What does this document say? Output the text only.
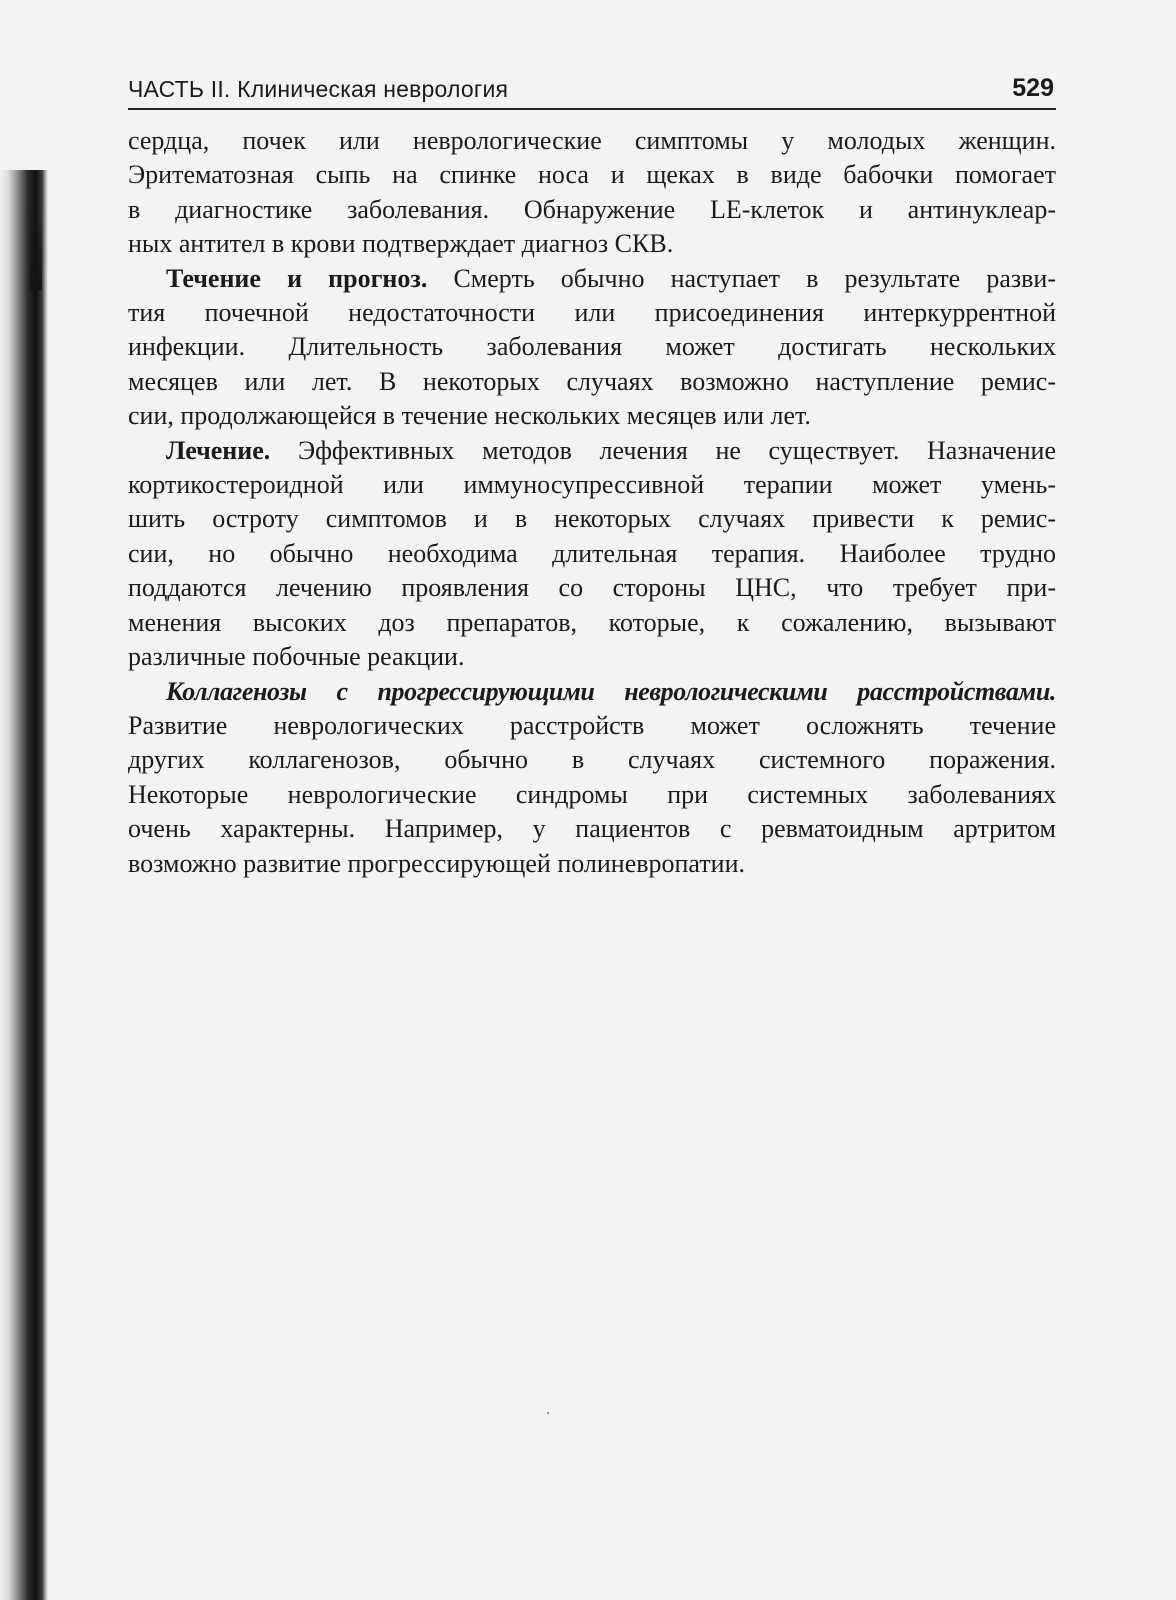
ЧАСТЬ II. Клиническая неврология	529
сердца, почек или неврологические симптомы у молодых женщин.
Эритематозная сыпь на спинке носа и щеках в виде бабочки помогает
в диагностике заболевания. Обнаружение LE-клеток и антинуклеар-
ных антител в крови подтверждает диагноз СКВ.
Течение и прогноз. Смерть обычно наступает в результате разви-
тия почечной недостаточности или присоединения интеркуррентной
инфекции. Длительность заболевания может достигать нескольких
месяцев или лет. В некоторых случаях возможно наступление ремис-
сии, продолжающейся в течение нескольких месяцев или лет.
Лечение. Эффективных методов лечения не существует. Назначение
кортикостероидной или иммуносупрессивной терапии может умень-
шить остроту симптомов и в некоторых случаях привести к ремис-
сии, но обычно необходима длительная терапия. Наиболее трудно
поддаются лечению проявления со стороны ЦНС, что требует при-
менения высоких доз препаратов, которые, к сожалению, вызывают
различные побочные реакции.
Коллагенозы с прогрессирующими неврологическими расстройствами.
Развитие неврологических расстройств может осложнять течение
других коллагенозов, обычно в случаях системного поражения.
Некоторые неврологические синдромы при системных заболеваниях
очень характерны. Например, у пациентов с ревматоидным артритом
возможно развитие прогрессирующей полиневропатии.
·
